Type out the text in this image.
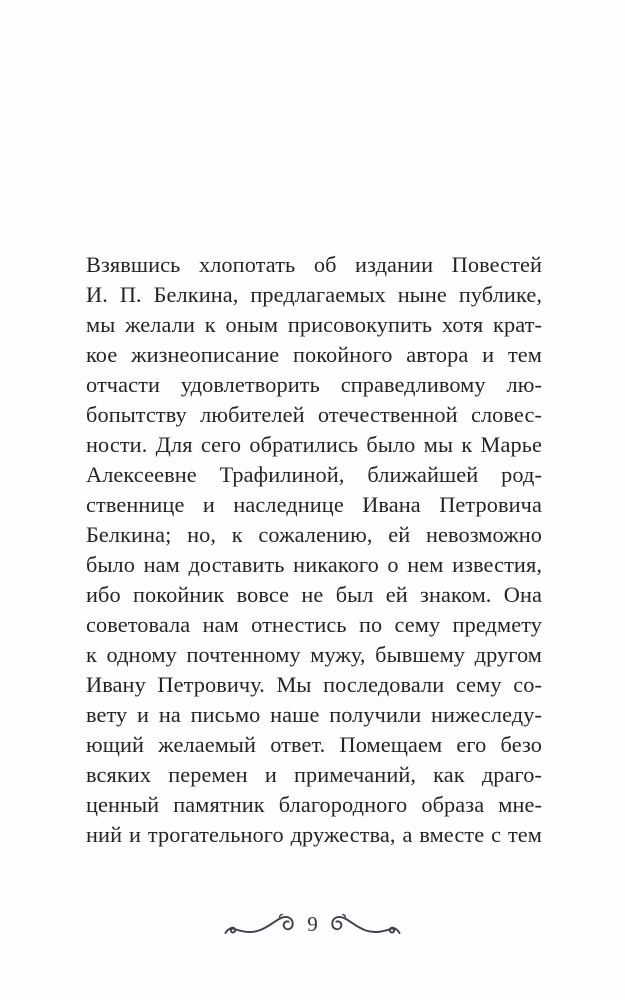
Взявшись хлопотать об издании Повестей
И. П. Белкина, предлагаемых ныне публике,
мы желали к оным присовокупить хотя крат-
кое жизнеописание покойного автора и тем
отчасти удовлетворить справедливому лю-
бопытству любителей отечественной словес-
ности. Для сего обратились было мы к Марье
Алексеевне Трафилиной, ближайшей род-
ственнице и наследнице Ивана Петровича
Белкина; но, к сожалению, ей невозможно
было нам доставить никакого о нем известия,
ибо покойник вовсе не был ей знаком. Она
советовала нам отнестись по сему предмету
к одному почтенному мужу, бывшему другом
Ивану Петровичу. Мы последовали сему со-
вету и на письмо наше получили нижеследу-
ющий желаемый ответ. Помещаем его безо
всяких перемен и примечаний, как драго-
ценный памятник благородного образа мне-
ний и трогательного дружества, а вместе с тем
9
